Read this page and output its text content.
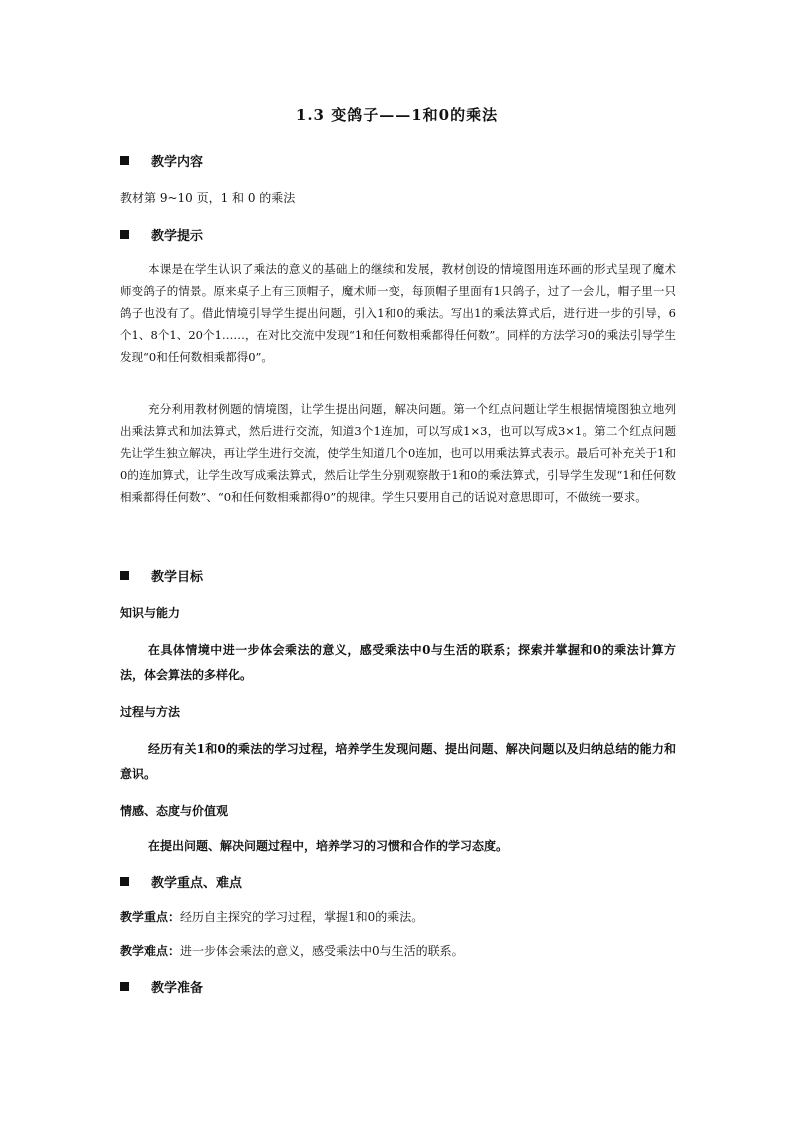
1.3 变鸽子——1和0的乘法
教学内容
教材第 9~10 页，1 和 0 的乘法
教学提示

本课是在学生认识了乘法的意义的基础上的继续和发展，教材创设的情境图用连环画的形式呈现了魔术师变鸽子的情景。原来桌子上有三顶帽子，魔术师一变，每顶帽子里面有1只鸽子，过了一会儿，帽子里一只鸽子也没有了。借此情境引导学生提出问题，引入1和0的乘法。写出1的乘法算式后，进行进一步的引导，6个1、8个1、20个1……，在对比交流中发现“1和任何数相乘都得任何数”。同样的方法学习0的乘法引导学生发现“0和任何数相乘都得0”。

充分利用教材例题的情境图，让学生提出问题，解决问题。第一个红点问题让学生根据情境图独立地列出乘法算式和加法算式，然后进行交流，知道3个1连加，可以写成1×3，也可以写成3×1。第二个红点问题先让学生独立解决，再让学生进行交流，使学生知道几个0连加，也可以用乘法算式表示。最后可补充关于1和0的连加算式，让学生改写成乘法算式，然后让学生分别观察散于1和0的乘法算式，引导学生发现“1和任何数相乘都得任何数”、“0和任何数相乘都得0”的规律。学生只要用自己的话说对意思即可，不做统一要求。

教学目标
知识与能力

在具体情境中进一步体会乘法的意义，感受乘法中0与生活的联系；探索并掌握和0的乘法计算方法，体会算法的多样化。

过程与方法

经历有关1和0的乘法的学习过程，培养学生发现问题、提出问题、解决问题以及归纳总结的能力和意识。

情感、态度与价值观

在提出问题、解决问题过程中，培养学习的习惯和合作的学习态度。

教学重点、难点
教学重点：经历自主探究的学习过程，掌握1和0的乘法。
教学难点：进一步体会乘法的意义，感受乘法中0与生活的联系。
教学准备
